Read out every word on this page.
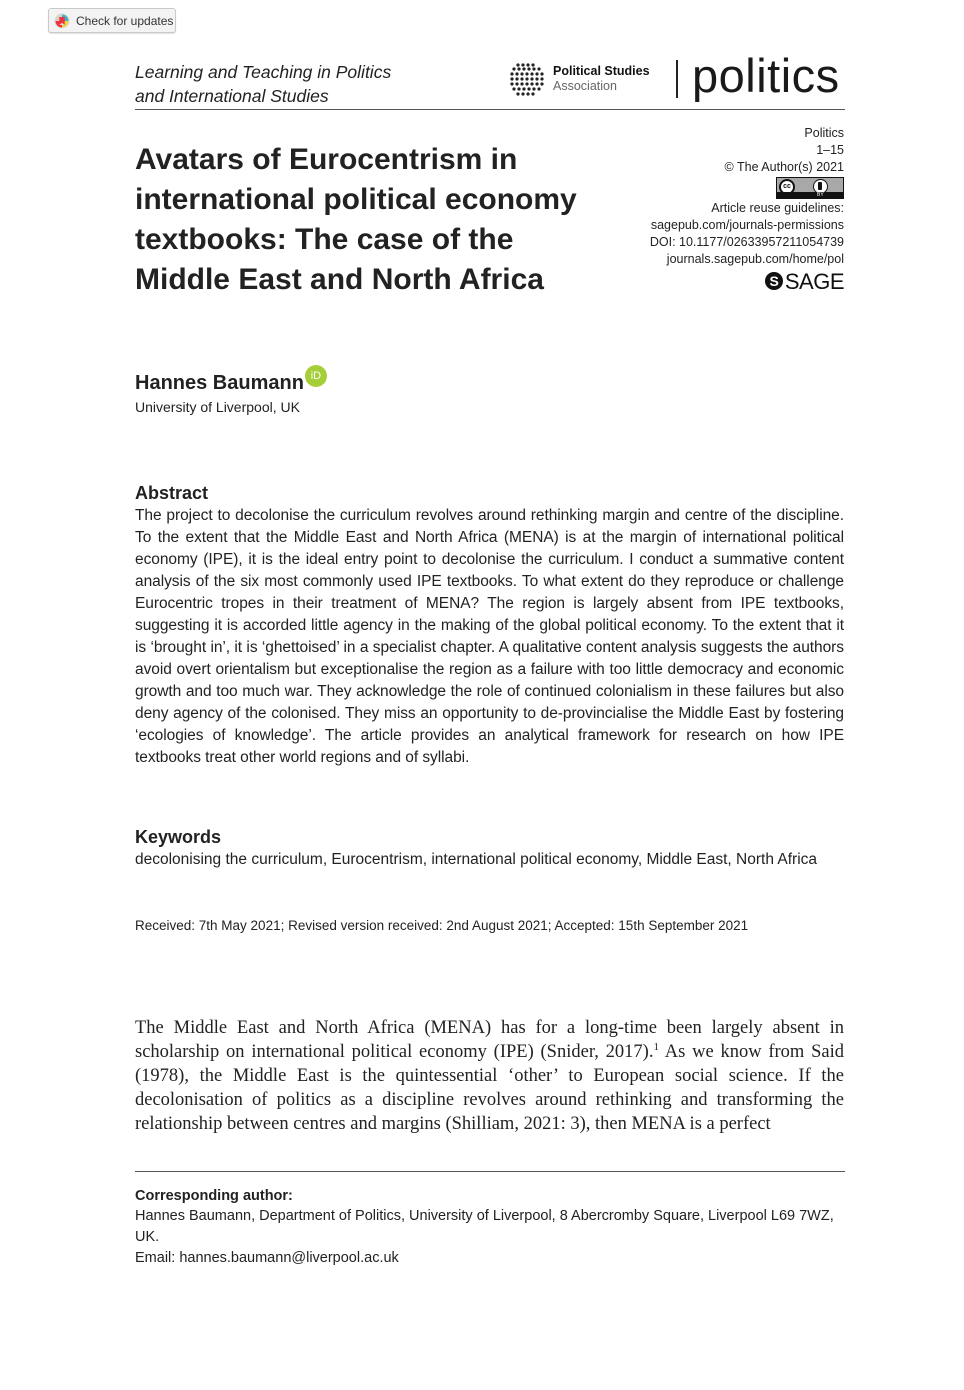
Check for updates
Learning and Teaching in Politics
and International Studies
Political Studies
Association	politics
Avatars of Eurocentrism in international political economy textbooks: The case of the Middle East and North Africa
Politics
1–15
© The Author(s) 2021
cc
BY
Article reuse guidelines:
sagepub.com/journals-permissions
DOI: 10.1177/02633957211054739
journals.sagepub.com/home/pol
S SAGE
Hannes Baumann iD
University of Liverpool, UK
Abstract
The project to decolonise the curriculum revolves around rethinking margin and centre of the discipline. To the extent that the Middle East and North Africa (MENA) is at the margin of international political economy (IPE), it is the ideal entry point to decolonise the curriculum. I conduct a summative content analysis of the six most commonly used IPE textbooks. To what extent do they reproduce or challenge Eurocentric tropes in their treatment of MENA? The region is largely absent from IPE textbooks, suggesting it is accorded little agency in the making of the global political economy. To the extent that it is ‘brought in’, it is ‘ghettoised’ in a specialist chapter. A qualitative content analysis suggests the authors avoid overt orientalism but exceptionalise the region as a failure with too little democracy and economic growth and too much war. They acknowledge the role of continued colonialism in these failures but also deny agency of the colonised. They miss an opportunity to de-provincialise the Middle East by fostering ‘ecologies of knowledge’. The article provides an analytical framework for research on how IPE textbooks treat other world regions and of syllabi.
Keywords
decolonising the curriculum, Eurocentrism, international political economy, Middle East, North Africa
Received: 7th May 2021; Revised version received: 2nd August 2021; Accepted: 15th September 2021
The Middle East and North Africa (MENA) has for a long-time been largely absent in scholarship on international political economy (IPE) (Snider, 2017).$^1$ As we know from Said (1978), the Middle East is the quintessential ‘other’ to European social science. If the decolonisation of politics as a discipline revolves around rethinking and transforming the relationship between centres and margins (Shilliam, 2021: 3), then MENA is a perfect
Corresponding author:
Hannes Baumann, Department of Politics, University of Liverpool, 8 Abercromby Square, Liverpool L69 7WZ, UK.
Email: hannes.baumann@liverpool.ac.uk
